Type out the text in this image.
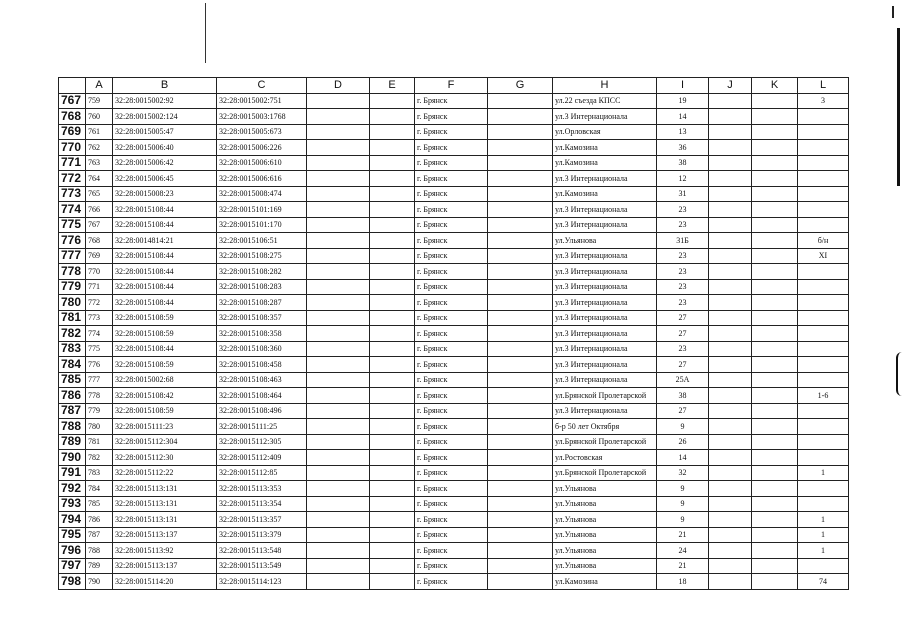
	A	B	C	D	E	F	G	H	I	J	K	L
767	759	32:28:0015002:92	32:28:0015002:751			г. Брянск		ул.22 съезда КПСС	19			3
768	760	32:28:0015002:124	32:28:0015003:1768			г. Брянск		ул.3 Интернационала	14			
769	761	32:28:0015005:47	32:28:0015005:673			г. Брянск		ул.Орловская	13			
770	762	32:28:0015006:40	32:28:0015006:226			г. Брянск		ул.Камозина	36			
771	763	32:28:0015006:42	32:28:0015006:610			г. Брянск		ул.Камозина	38			
772	764	32:28:0015006:45	32:28:0015006:616			г. Брянск		ул.3 Интернационала	12			
773	765	32:28:0015008:23	32:28:0015008:474			г. Брянск		ул.Камозина	31			
774	766	32:28:0015108:44	32:28:0015101:169			г. Брянск		ул.3 Интернационала	23			
775	767	32:28:0015108:44	32:28:0015101:170			г. Брянск		ул.3 Интернационала	23			
776	768	32:28:0014814:21	32:28:0015106:51			г. Брянск		ул.Ульянова	31Б			б/н
777	769	32:28:0015108:44	32:28:0015108:275			г. Брянск		ул.3 Интернационала	23			XI
778	770	32:28:0015108:44	32:28:0015108:282			г. Брянск		ул.3 Интернационала	23			
779	771	32:28:0015108:44	32:28:0015108:283			г. Брянск		ул.3 Интернационала	23			
780	772	32:28:0015108:44	32:28:0015108:287			г. Брянск		ул.3 Интернационала	23			
781	773	32:28:0015108:59	32:28:0015108:357			г. Брянск		ул.3 Интернационала	27			
782	774	32:28:0015108:59	32:28:0015108:358			г. Брянск		ул.3 Интернационала	27			
783	775	32:28:0015108:44	32:28:0015108:360			г. Брянск		ул.3 Интернационала	23			
784	776	32:28:0015108:59	32:28:0015108:458			г. Брянск		ул.3 Интернационала	27			
785	777	32:28:0015002:68	32:28:0015108:463			г. Брянск		ул.3 Интернационала	25А			
786	778	32:28:0015108:42	32:28:0015108:464			г. Брянск		ул.Брянской Пролетарской	38			1-6
787	779	32:28:0015108:59	32:28:0015108:496			г. Брянск		ул.3 Интернационала	27			
788	780	32:28:0015111:23	32:28:0015111:25			г. Брянск		б-р 50 лет Октября	9			
789	781	32:28:0015112:304	32:28:0015112:305			г. Брянск		ул.Брянской Пролетарской	26			
790	782	32:28:0015112:30	32:28:0015112:409			г. Брянск		ул.Ростовская	14			
791	783	32:28:0015112:22	32:28:0015112:85			г. Брянск		ул.Брянской Пролетарской	32			1
792	784	32:28:0015113:131	32:28:0015113:353			г. Брянск		ул.Ульянова	9			
793	785	32:28:0015113:131	32:28:0015113:354			г. Брянск		ул.Ульянова	9			
794	786	32:28:0015113:131	32:28:0015113:357			г. Брянск		ул.Ульянова	9			1
795	787	32:28:0015113:137	32:28:0015113:379			г. Брянск		ул.Ульянова	21			1
796	788	32:28:0015113:92	32:28:0015113:548			г. Брянск		ул.Ульянова	24			1
797	789	32:28:0015113:137	32:28:0015113:549			г. Брянск		ул.Ульянова	21			
798	790	32:28:0015114:20	32:28:0015114:123			г. Брянск		ул.Камозина	18			74
